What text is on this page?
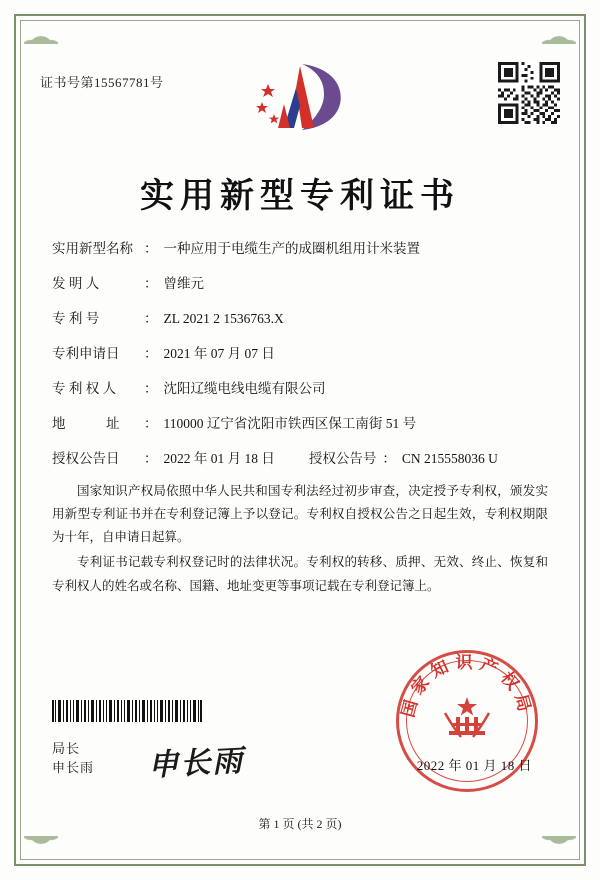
证书号第15567781号
实用新型专利证书
实用新型名称 ： 一种应用于电缆生产的成圈机组用计米装置
发 明 人	： 曾维元
专 利 号	： ZL 2021 2 1536763.X
专利申请日	： 2021 年 07 月 07 日
专 利 权 人	： 沈阳辽缆电线电缆有限公司
地　　　址	： 110000 辽宁省沈阳市铁西区保工南街 51 号
授权公告日	： 2022 年 01 月 18 日	授权公告号 ： CN 215558036 U

国家知识产权局依照中华人民共和国专利法经过初步审查，决定授予专利权，颁发实用新型专利证书并在专利登记簿上予以登记。专利权自授权公告之日起生效，专利权期限为十年，自申请日起算。

专利证书记载专利权登记时的法律状况。专利权的转移、质押、无效、终止、恢复和专利权人的姓名或名称、国籍、地址变更等事项记载在专利登记簿上。

局长
申长雨 申长雨
国家知识产权局
2022 年 01 月 18 日
第 1 页 (共 2 页)
